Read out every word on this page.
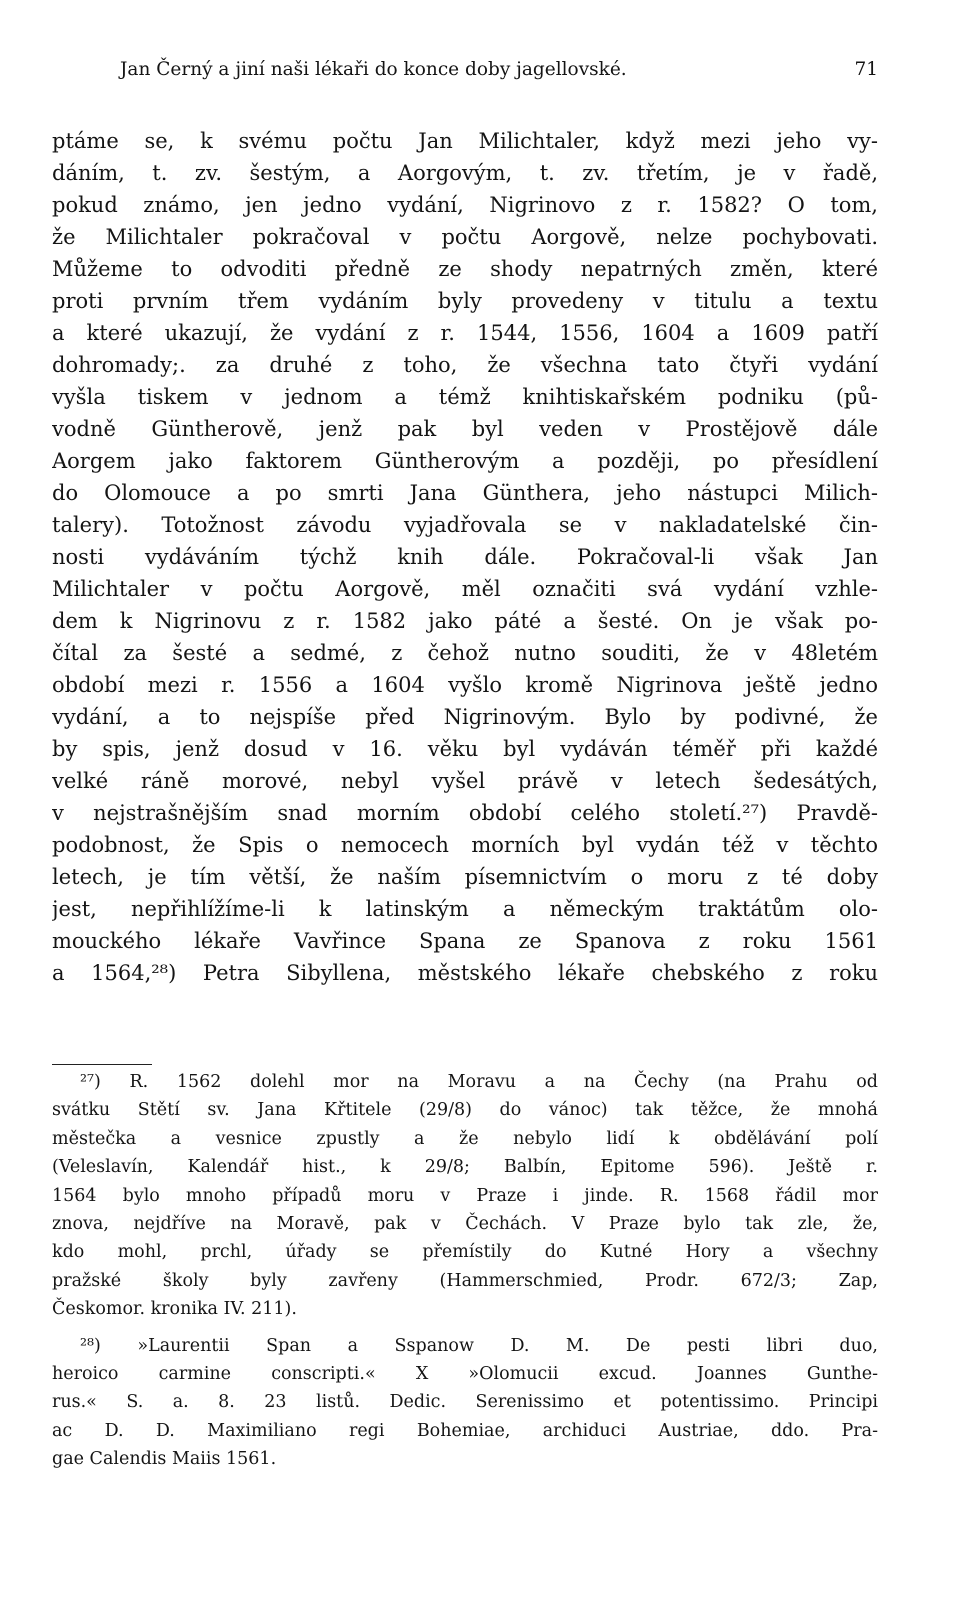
Jan Černý a jiní naši lékaři do konce doby jagellovské.	71
ptáme se, k svému počtu Jan Milichtaler, když mezi jeho vy-
dáním, t. zv. šestým, a Aorgovým, t. zv. třetím, je v řadě,
pokud známo, jen jedno vydání, Nigrinovo z r. 1582? O tom,
že Milichtaler pokračoval v počtu Aorgově, nelze pochybovati.
Můžeme to odvoditi předně ze shody nepatrných změn, které
proti prvním třem vydáním byly provedeny v titulu a textu
a které ukazují, že vydání z r. 1544, 1556, 1604 a 1609 patří
dohromady;. za druhé z toho, že všechna tato čtyři vydání
vyšla tiskem v jednom a témž knihtiskařském podniku (pů-
vodně Güntherově, jenž pak byl veden v Prostějově dále
Aorgem jako faktorem Güntherovým a později, po přesídlení
do Olomouce a po smrti Jana Günthera, jeho nástupci Milich-
talery). Totožnost závodu vyjadřovala se v nakladatelské čin-
nosti vydáváním týchž knih dále. Pokračoval-li však Jan
Milichtaler v počtu Aorgově, měl označiti svá vydání vzhle-
dem k Nigrinovu z r. 1582 jako páté a šesté. On je však po-
čítal za šesté a sedmé, z čehož nutno souditi, že v 48letém
období mezi r. 1556 a 1604 vyšlo kromě Nigrinova ještě jedno
vydání, a to nejspíše před Nigrinovým. Bylo by podivné, že
by spis, jenž dosud v 16. věku byl vydáván téměř při každé
velké ráně morové, nebyl vyšel právě v letech šedesátých,
v nejstrašnějším snad morním období celého století.²⁷) Pravdě-
podobnost, že Spis o nemocech morních byl vydán též v těchto
letech, je tím větší, že naším písemnictvím o moru z té doby
jest, nepřihlížíme-li k latinským a německým traktátům olo-
mouckého lékaře Vavřince Spana ze Spanova z roku 1561
a 1564,²⁸) Petra Sibyllena, městského lékaře chebského z roku
²⁷) R. 1562 dolehl mor na Moravu a na Čechy (na Prahu od
svátku Stětí sv. Jana Křtitele (29/8) do vánoc) tak těžce, že mnohá
městečka a vesnice zpustly a že nebylo lidí k obdělávání polí
(Veleslavín, Kalendář hist., k 29/8; Balbín, Epitome 596). Ještě r.
1564 bylo mnoho případů moru v Praze i jinde. R. 1568 řádil mor
znova, nejdříve na Moravě, pak v Čechách. V Praze bylo tak zle, že,
kdo mohl, prchl, úřady se přemístily do Kutné Hory a všechny
pražské školy byly zavřeny (Hammerschmied, Prodr. 672/3; Zap,
Českomor. kronika IV. 211).
²⁸) »Laurentii Span a Sspanow D. M. De pesti libri duo,
heroico carmine conscripti.« X »Olomucii excud. Joannes Gunthe-
rus.« S. a. 8. 23 listů. Dedic. Serenissimo et potentissimo. Principi
ac D. D. Maximiliano regi Bohemiae, archiduci Austriae, ddo. Pra-
gae Calendis Maiis 1561.
